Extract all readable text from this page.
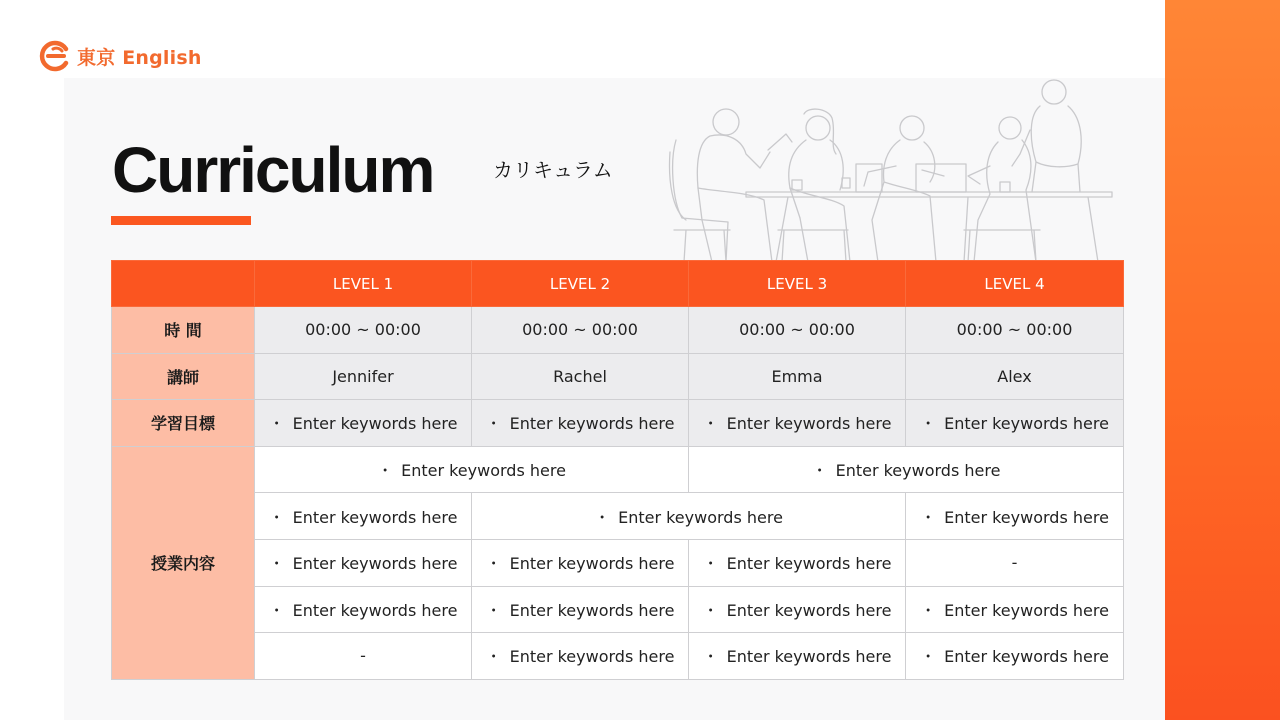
東京 English
Curriculum	カリキュラム
	LEVEL 1	LEVEL 2	LEVEL 3	LEVEL 4
時 間	00:00 ~ 00:00	00:00 ~ 00:00	00:00 ~ 00:00	00:00 ~ 00:00
講師	Jennifer	Rachel	Emma	Alex
学習目標	・ Enter keywords here	・ Enter keywords here	・ Enter keywords here	・ Enter keywords here
授業内容	・ Enter keywords here		・ Enter keywords here	
	・ Enter keywords here	・ Enter keywords here		・ Enter keywords here
	・ Enter keywords here	・ Enter keywords here	・ Enter keywords here	-
	・ Enter keywords here	・ Enter keywords here	・ Enter keywords here	・ Enter keywords here
	-	・ Enter keywords here	・ Enter keywords here	・ Enter keywords here
